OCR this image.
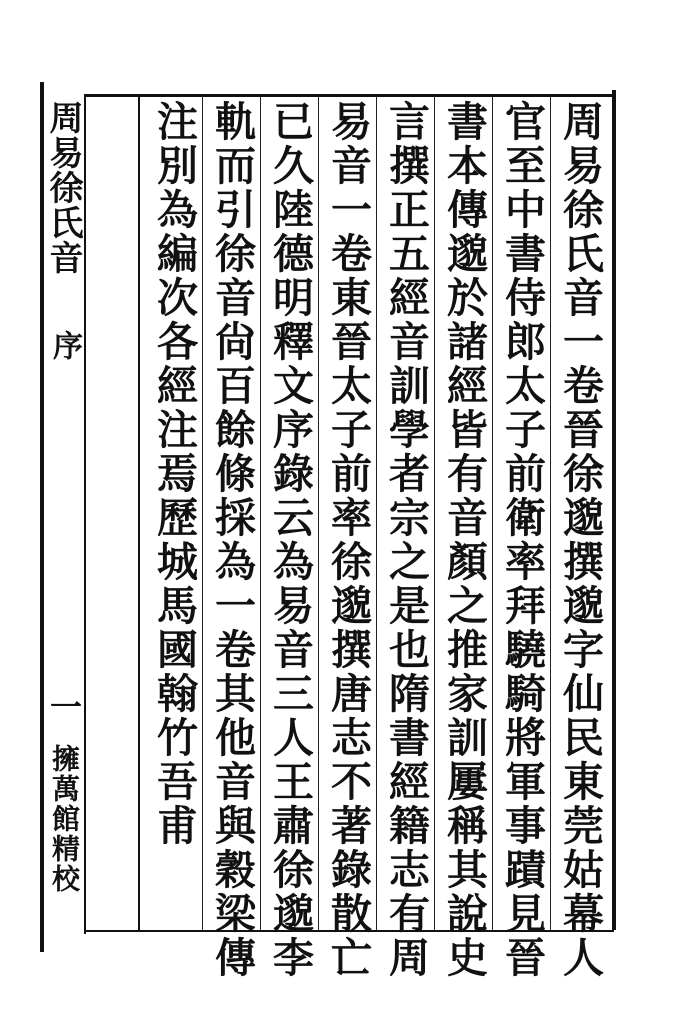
周易徐氏音
序
一
擁萬館精校	周易徐氏音一卷晉徐邈撰邈字仙民東莞姑幕人
官至中書侍郎太子前衛率拜驍騎將軍事蹟見晉
書本傳邈於諸經皆有音顏之推家訓屢稱其說史
言撰正五經音訓學者宗之是也隋書經籍志有周
易音一卷東晉太子前率徐邈撰唐志不著錄散亡
已久陸德明釋文序錄云為易音三人王肅徐邈李
軌而引徐音尙百餘條採為一卷其他音與穀梁傳
注別為編次各經注焉歷城馬國翰竹吾甫
